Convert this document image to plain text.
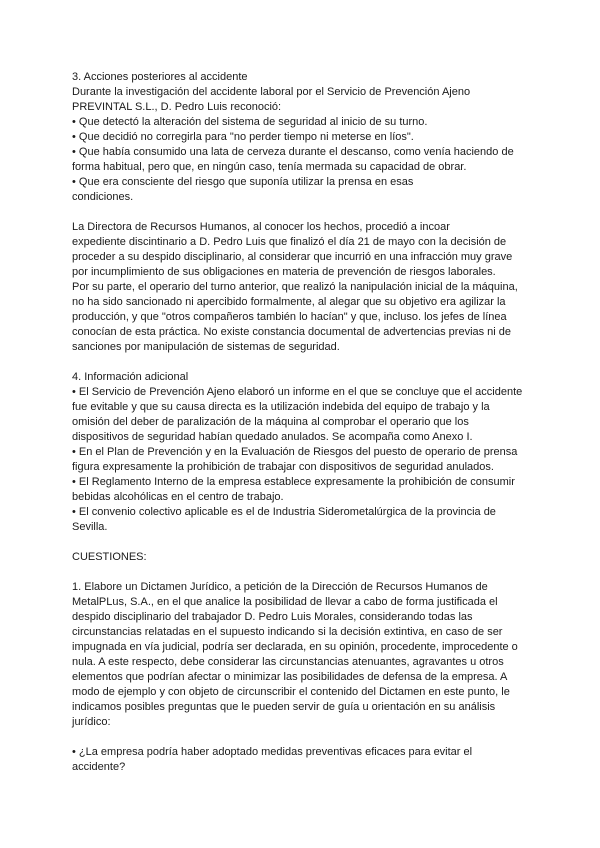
3. Acciones posteriores al accidente
Durante la investigación del accidente laboral por el Servicio de Prevención Ajeno
PREVINTAL S.L., D. Pedro Luis reconoció:
• Que detectó la alteración del sistema de seguridad al inicio de su turno.
• Que decidió no corregirla para "no perder tiempo ni meterse en líos".
• Que había consumido una lata de cerveza durante el descanso, como venía haciendo de
forma habitual, pero que, en ningún caso, tenía mermada su capacidad de obrar.
• Que era consciente del riesgo que suponía utilizar la prensa en esas
condiciones.
La Directora de Recursos Humanos, al conocer los hechos, procedió a incoar
expediente discintinario a D. Pedro Luis que finalizó el día 21 de mayo con la decisión de
proceder a su despido disciplinario, al considerar que incurrió en una infracción muy grave
por incumplimiento de sus obligaciones en materia de prevención de riesgos laborales.
Por su parte, el operario del turno anterior, que realizó la nanipulación inicial de la máquina,
no ha sido sancionado ni apercibido formalmente, al alegar que su objetivo era agilizar la
producción, y que "otros compañeros también lo hacían" y que, incluso. los jefes de línea
conocían de esta práctica. No existe constancia documental de advertencias previas ni de
sanciones por manipulación de sistemas de seguridad.
4. Información adicional
• El Servicio de Prevención Ajeno elaboró un informe en el que se concluye que el accidente
fue evitable y que su causa directa es la utilización indebida del equipo de trabajo y la
omisión del deber de paralización de la máquina al comprobar el operario que los
dispositivos de seguridad habían quedado anulados. Se acompaña como Anexo I.
• En el Plan de Prevención y en la Evaluación de Riesgos del puesto de operario de prensa
figura expresamente la prohibición de trabajar con dispositivos de seguridad anulados.
• El Reglamento Interno de la empresa establece expresamente la prohibición de consumir
bebidas alcohólicas en el centro de trabajo.
• El convenio colectivo aplicable es el de Industria Siderometalúrgica de la provincia de
Sevilla.
CUESTIONES:
1. Elabore un Dictamen Jurídico, a petición de la Dirección de Recursos Humanos de
MetalPLus, S.A., en el que analice la posibilidad de llevar a cabo de forma justificada el
despido disciplinario del trabajador D. Pedro Luis Morales, considerando todas las
circunstancias relatadas en el supuesto indicando si la decisión extintiva, en caso de ser
impugnada en vía judicial, podría ser declarada, en su opinión, procedente, improcedente o
nula. A este respecto, debe considerar las circunstancias atenuantes, agravantes u otros
elementos que podrían afectar o minimizar las posibilidades de defensa de la empresa. A
modo de ejemplo y con objeto de circunscribir el contenido del Dictamen en este punto, le
indicamos posibles preguntas que le pueden servir de guía u orientación en su análisis
jurídico:
• ¿La empresa podría haber adoptado medidas preventivas eficaces para evitar el
accidente?
